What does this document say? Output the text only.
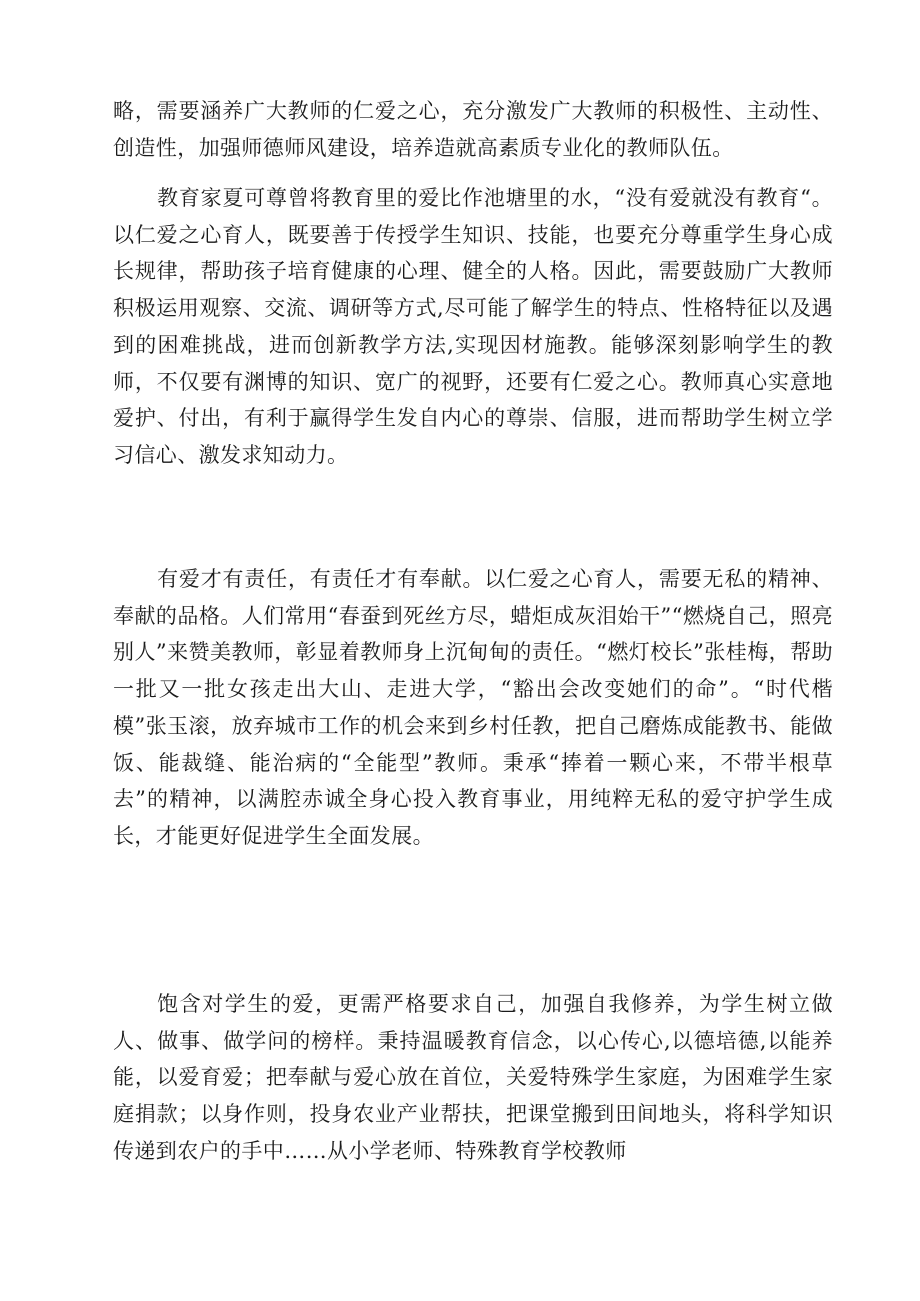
略，需要涵养广大教师的仁爱之心，充分激发广大教师的积极性、主动性、创造性，加强师德师风建设，培养造就高素质专业化的教师队伍。

教育家夏可尊曾将教育里的爱比作池塘里的水，“没有爱就没有教育“。以仁爱之心育人，既要善于传授学生知识、技能，也要充分尊重学生身心成长规律，帮助孩子培育健康的心理、健全的人格。因此，需要鼓励广大教师积极运用观察、交流、调研等方式,尽可能了解学生的特点、性格特征以及遇到的困难挑战，进而创新教学方法,实现因材施教。能够深刻影响学生的教师，不仅要有渊博的知识、宽广的视野，还要有仁爱之心。教师真心实意地爱护、付出，有利于赢得学生发自内心的尊崇、信服，进而帮助学生树立学习信心、激发求知动力。

有爱才有责任，有责任才有奉献。以仁爱之心育人，需要无私的精神、奉献的品格。人们常用“春蚕到死丝方尽，蜡炬成灰泪始干”“燃烧自己，照亮别人”来赞美教师，彰显着教师身上沉甸甸的责任。“燃灯校长”张桂梅，帮助一批又一批女孩走出大山、走进大学，“豁出会改变她们的命”。“时代楷模”张玉滚，放弃城市工作的机会来到乡村任教，把自己磨炼成能教书、能做饭、能裁缝、能治病的“全能型”教师。秉承“捧着一颗心来，不带半根草去”的精神，以满腔赤诚全身心投入教育事业，用纯粹无私的爱守护学生成长，才能更好促进学生全面发展。

饱含对学生的爱，更需严格要求自己，加强自我修养，为学生树立做人、做事、做学问的榜样。秉持温暖教育信念，以心传心,以德培德,以能养能，以爱育爱；把奉献与爱心放在首位，关爱特殊学生家庭，为困难学生家庭捐款；以身作则，投身农业产业帮扶，把课堂搬到田间地头，将科学知识传递到农户的手中……从小学老师、特殊教育学校教师
